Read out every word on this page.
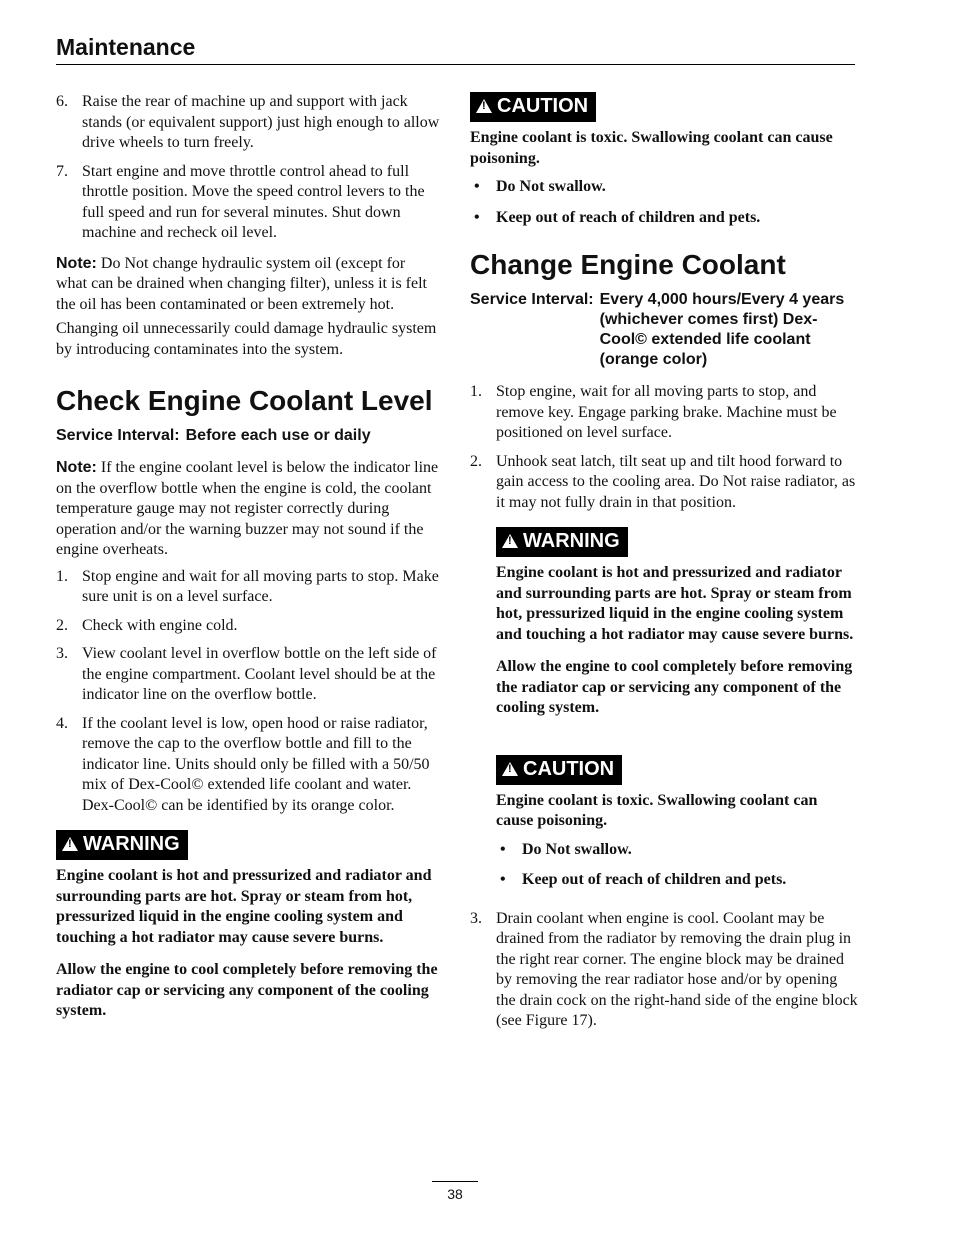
Maintenance
6. Raise the rear of machine up and support with jack stands (or equivalent support) just high enough to allow drive wheels to turn freely.
7. Start engine and move throttle control ahead to full throttle position. Move the speed control levers to the full speed and run for several minutes. Shut down machine and recheck oil level.

Note: Do Not change hydraulic system oil (except for what can be drained when changing filter), unless it is felt the oil has been contaminated or been extremely hot.

Changing oil unnecessarily could damage hydraulic system by introducing contaminates into the system.

Check Engine Coolant Level
Service Interval: Before each use or daily

Note: If the engine coolant level is below the indicator line on the overflow bottle when the engine is cold, the coolant temperature gauge may not register correctly during operation and/or the warning buzzer may not sound if the engine overheats.

1. Stop engine and wait for all moving parts to stop. Make sure unit is on a level surface.
2. Check with engine cold.
3. View coolant level in overflow bottle on the left side of the engine compartment. Coolant level should be at the indicator line on the overflow bottle.
4. If the coolant level is low, open hood or raise radiator, remove the cap to the overflow bottle and fill to the indicator line. Units should only be filled with a 50/50 mix of Dex-Cool© extended life coolant and water. Dex-Cool© can be identified by its orange color.
!WARNING

Engine coolant is hot and pressurized and radiator and surrounding parts are hot. Spray or steam from hot, pressurized liquid in the engine cooling system and touching a hot radiator may cause severe burns.

Allow the engine to cool completely before removing the radiator cap or servicing any component of the cooling system.

!CAUTION

Engine coolant is toxic. Swallowing coolant can cause poisoning.

• Do Not swallow.
• Keep out of reach of children and pets.
Change Engine Coolant
Service Interval: Every 4,000 hours/Every 4 years (whichever comes first) Dex-Cool© extended life coolant (orange color)
1. Stop engine, wait for all moving parts to stop, and remove key. Engage parking brake. Machine must be positioned on level surface.
2. Unhook seat latch, tilt seat up and tilt hood forward to gain access to the cooling area. Do Not raise radiator, as it may not fully drain in that position.
!WARNING

Engine coolant is hot and pressurized and radiator and surrounding parts are hot. Spray or steam from hot, pressurized liquid in the engine cooling system and touching a hot radiator may cause severe burns.

Allow the engine to cool completely before removing the radiator cap or servicing any component of the cooling system.

!CAUTION

Engine coolant is toxic. Swallowing coolant can cause poisoning.

• Do Not swallow.
• Keep out of reach of children and pets.
3. Drain coolant when engine is cool. Coolant may be drained from the radiator by removing the drain plug in the right rear corner. The engine block may be drained by removing the rear radiator hose and/or by opening the drain cock on the right-hand side of the engine block (see Figure 17).
38
